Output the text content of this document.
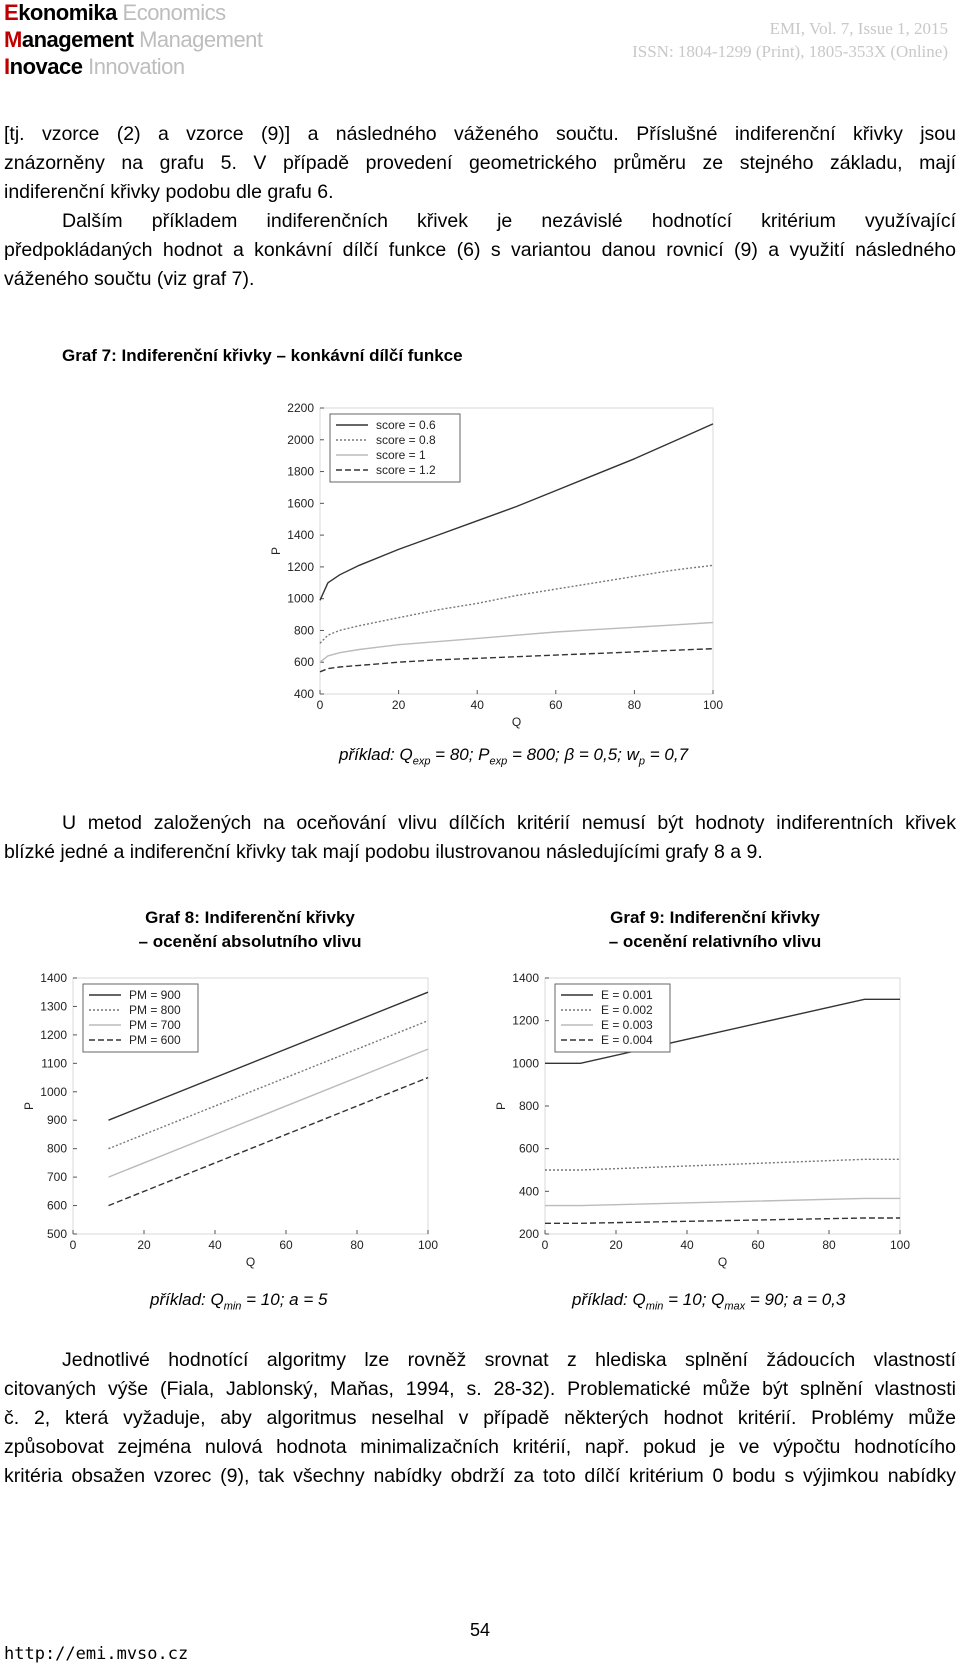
Ekonomika Economics
Management Management
Inovace Innovation
EMI, Vol. 7, Issue 1, 2015
ISSN: 1804-1299 (Print), 1805-353X (Online)
[tj. vzorce (2) a vzorce (9)] a následného váženého součtu. Příslušné indiferenční křivky jsou
znázorněny na grafu 5. V případě provedení geometrického průměru ze stejného základu, mají
indiferenční křivky podobu dle grafu 6.
Dalším příkladem indiferenčních křivek je nezávislé hodnotící kritérium využívající
předpokládaných hodnot a konkávní dílčí funkce (6) s variantou danou rovnicí (9) a využití následného
váženého součtu (viz graf 7).
Graf 7: Indiferenční křivky – konkávní dílčí funkce
400
600
800
1000
1200
1400
1600
1800
2000
2200
0	20	40	60	80	100
Q
P
score = 0.6
score = 0.8
score = 1
score = 1.2
příklad: $Q_{exp} = 80$; $P_{exp} = 800$; β = 0,5; $w_p = 0,7$
U metod založených na oceňování vlivu dílčích kritérií nemusí být hodnoty indiferentních křivek
blízké jedné a indiferenční křivky tak mají podobu ilustrovanou následujícími grafy 8 a 9.
Graf 8: Indiferenční křivky
– ocenění absolutního vlivu
Graf 9: Indiferenční křivky
– ocenění relativního vlivu
500
600
700
800
900
1000
1100
1200
1300
1400
0	20	40	60	80	100
Q
P
PM = 900
PM = 800
PM = 700
PM = 600
200
400
600
800
1000
1200
1400
0	20	40	60	80	100
Q
P
E = 0.001
E = 0.002
E = 0.003
E = 0.004
příklad: $Q_{min} = 10$; a = 5	příklad: $Q_{min} = 10$; $Q_{max} = 90$; a = 0,3
Jednotlivé hodnotící algoritmy lze rovněž srovnat z hlediska splnění žádoucích vlastností
citovaných výše (Fiala, Jablonský, Maňas, 1994, s. 28-32). Problematické může být splnění vlastnosti
č. 2, která vyžaduje, aby algoritmus neselhal v případě některých hodnot kritérií. Problémy může
způsobovat zejména nulová hodnota minimalizačních kritérií, např. pokud je ve výpočtu hodnotícího
kritéria obsažen vzorec (9), tak všechny nabídky obdrží za toto dílčí kritérium 0 bodu s výjimkou nabídky
54
http://emi.mvso.cz
